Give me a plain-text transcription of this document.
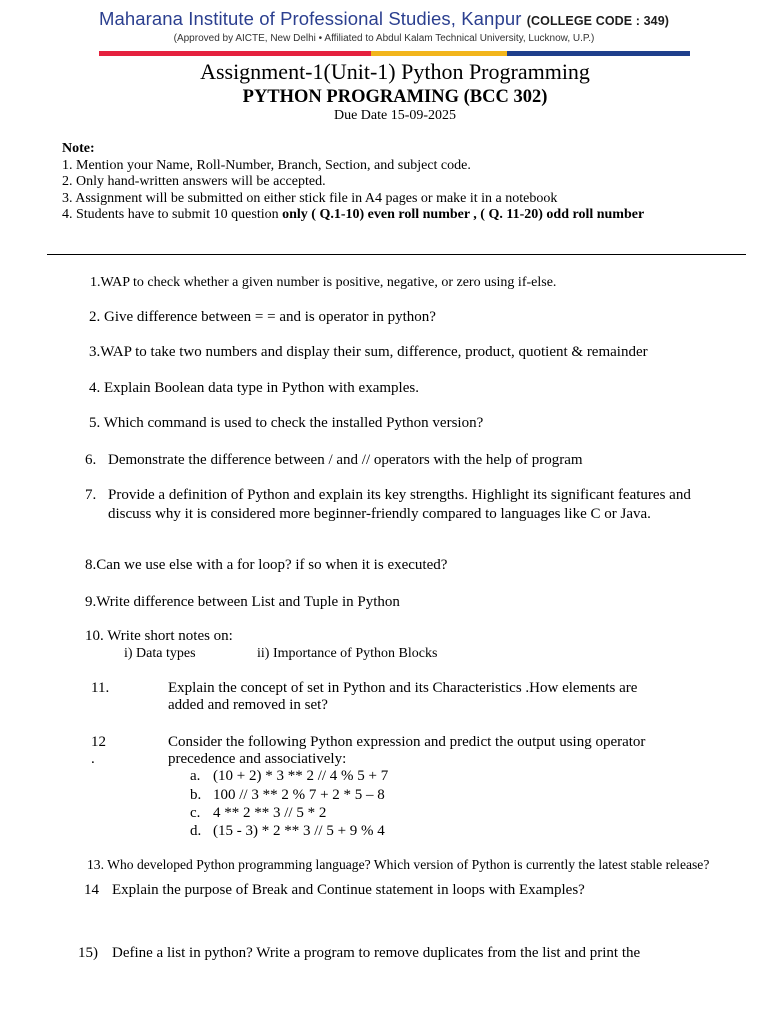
Maharana Institute of Professional Studies, Kanpur (COLLEGE CODE : 349)
(Approved by AICTE, New Delhi • Affiliated to Abdul Kalam Technical University, Lucknow, U.P.)
Assignment-1(Unit-1) Python Programming
PYTHON PROGRAMING (BCC 302)
Due Date 15-09-2025
Note:
1. Mention your Name, Roll-Number, Branch, Section, and subject code.
2. Only hand-written answers will be accepted.
3. Assignment will be submitted on either stick file in A4 pages or make it in a notebook
4. Students have to submit 10 question only ( Q.1-10) even roll number , ( Q. 11-20) odd roll number
1.WAP to check whether a given number is positive, negative, or zero using if-else.
2. Give difference between = = and is operator in python?
3.WAP to take two numbers and display their sum, difference, product, quotient & remainder
4. Explain Boolean data type in Python with examples.
5. Which command is used to check the installed Python version?
6. Demonstrate the difference between / and // operators with the help of program
7. Provide a definition of Python and explain its key strengths. Highlight its significant features and
discuss why it is considered more beginner-friendly compared to languages like C or Java.
8.Can we use else with a for loop? if so when it is executed?
9.Write difference between List and Tuple in Python
10. Write short notes on:
i) Data types	ii) Importance of Python Blocks
11.	Explain the concept of set in Python and its Characteristics .How elements are
added and removed in set?
12
.
Consider the following Python expression and predict the output using operator
precedence and associatively:
a. (10 + 2) * 3 ** 2 // 4 % 5 + 7
b. 100 // 3 ** 2 % 7 + 2 * 5 – 8
c. 4 ** 2 ** 3 // 5 * 2
d. (15 - 3) * 2 ** 3 // 5 + 9 % 4
13. Who developed Python programming language? Which version of Python is currently the latest stable release?
14 Explain the purpose of Break and Continue statement in loops with Examples?
15) Define a list in python? Write a program to remove duplicates from the list and print the
